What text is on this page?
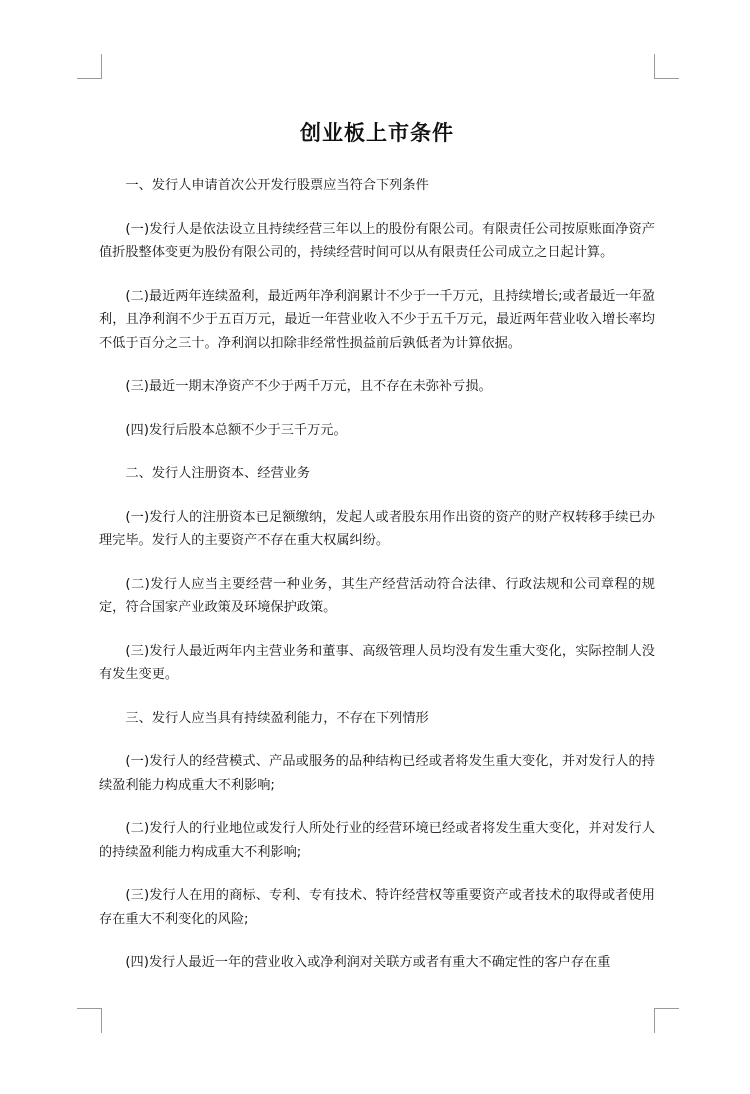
创业板上市条件

一、发行人申请首次公开发行股票应当符合下列条件

(一)发行人是依法设立且持续经营三年以上的股份有限公司。有限责任公司按原账面净资产值折股整体变更为股份有限公司的，持续经营时间可以从有限责任公司成立之日起计算。

(二)最近两年连续盈利，最近两年净利润累计不少于一千万元，且持续增长;或者最近一年盈利，且净利润不少于五百万元，最近一年营业收入不少于五千万元，最近两年营业收入增长率均不低于百分之三十。净利润以扣除非经常性损益前后孰低者为计算依据。

(三)最近一期末净资产不少于两千万元，且不存在未弥补亏损。

(四)发行后股本总额不少于三千万元。

二、发行人注册资本、经营业务

(一)发行人的注册资本已足额缴纳，发起人或者股东用作出资的资产的财产权转移手续已办理完毕。发行人的主要资产不存在重大权属纠纷。

(二)发行人应当主要经营一种业务，其生产经营活动符合法律、行政法规和公司章程的规定，符合国家产业政策及环境保护政策。

(三)发行人最近两年内主营业务和董事、高级管理人员均没有发生重大变化，实际控制人没有发生变更。

三、发行人应当具有持续盈利能力，不存在下列情形

(一)发行人的经营模式、产品或服务的品种结构已经或者将发生重大变化，并对发行人的持续盈利能力构成重大不利影响;

(二)发行人的行业地位或发行人所处行业的经营环境已经或者将发生重大变化，并对发行人的持续盈利能力构成重大不利影响;

(三)发行人在用的商标、专利、专有技术、特许经营权等重要资产或者技术的取得或者使用存在重大不利变化的风险;

(四)发行人最近一年的营业收入或净利润对关联方或者有重大不确定性的客户存在重
